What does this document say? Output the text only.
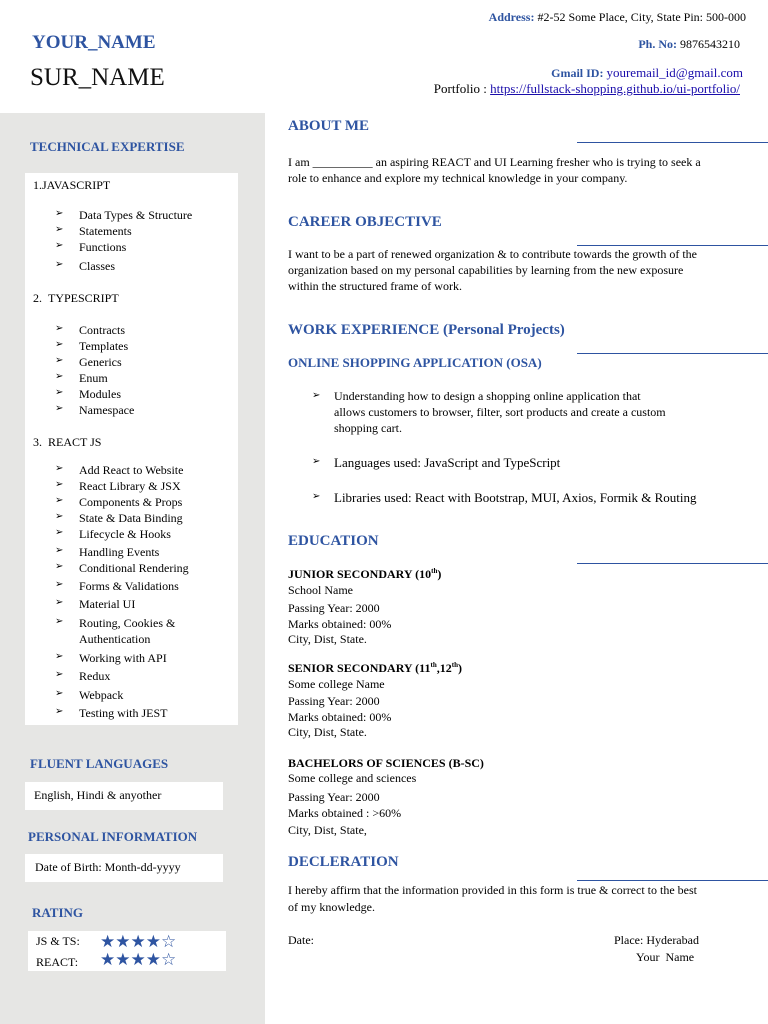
YOUR_NAME
SUR_NAME
Address: #2-52 Some Place, City, State Pin: 500-000
Ph. No: 9876543210
Gmail ID: youremail_id@gmail.com
Portfolio : https://fullstack-shopping.github.io/ui-portfolio/
TECHNICAL EXPERTISE
1.JAVASCRIPT
➢ Data Types & Structure
➢ Statements
➢ Functions
➢ Classes
2. TYPESCRIPT
➢ Contracts
➢ Templates
➢ Generics
➢ Enum
➢ Modules
➢ Namespace
3. REACT JS
➢ Add React to Website
➢ React Library & JSX
➢ Components & Props
➢ State & Data Binding
➢ Lifecycle & Hooks
➢ Handling Events
➢ Conditional Rendering
➢ Forms & Validations
➢ Material UI
➢ Routing, Cookies &
Authentication
➢ Working with API
➢ Redux
➢ Webpack
➢ Testing with JEST
FLUENT LANGUAGES
English, Hindi & anyother
PERSONAL INFORMATION
Date of Birth: Month-dd-yyyy
RATING
JS & TS: ★★★★☆
REACT: ★★★★☆
ABOUT ME
I am __________ an aspiring REACT and UI Learning fresher who is trying to seek a
role to enhance and explore my technical knowledge in your company.
CAREER OBJECTIVE
I want to be a part of renewed organization & to contribute towards the growth of the
organization based on my personal capabilities by learning from the new exposure
within the structured frame of work.
WORK EXPERIENCE (Personal Projects)
ONLINE SHOPPING APPLICATION (OSA)
➢ Understanding how to design a shopping online application that
allows customers to browser, filter, sort products and create a custom
shopping cart.
➢ Languages used: JavaScript and TypeScript
➢ Libraries used: React with Bootstrap, MUI, Axios, Formik & Routing
EDUCATION
JUNIOR SECONDARY (10th)
School Name
Passing Year: 2000
Marks obtained: 00%
City, Dist, State.
SENIOR SECONDARY (11th,12th)
Some college Name
Passing Year: 2000
Marks obtained: 00%
City, Dist, State.
BACHELORS OF SCIENCES (B-SC)
Some college and sciences
Passing Year: 2000
Marks obtained : >60%
City, Dist, State,
DECLERATION
I hereby affirm that the information provided in this form is true & correct to the best
of my knowledge.
Date:	Place: Hyderabad
Your  Name
